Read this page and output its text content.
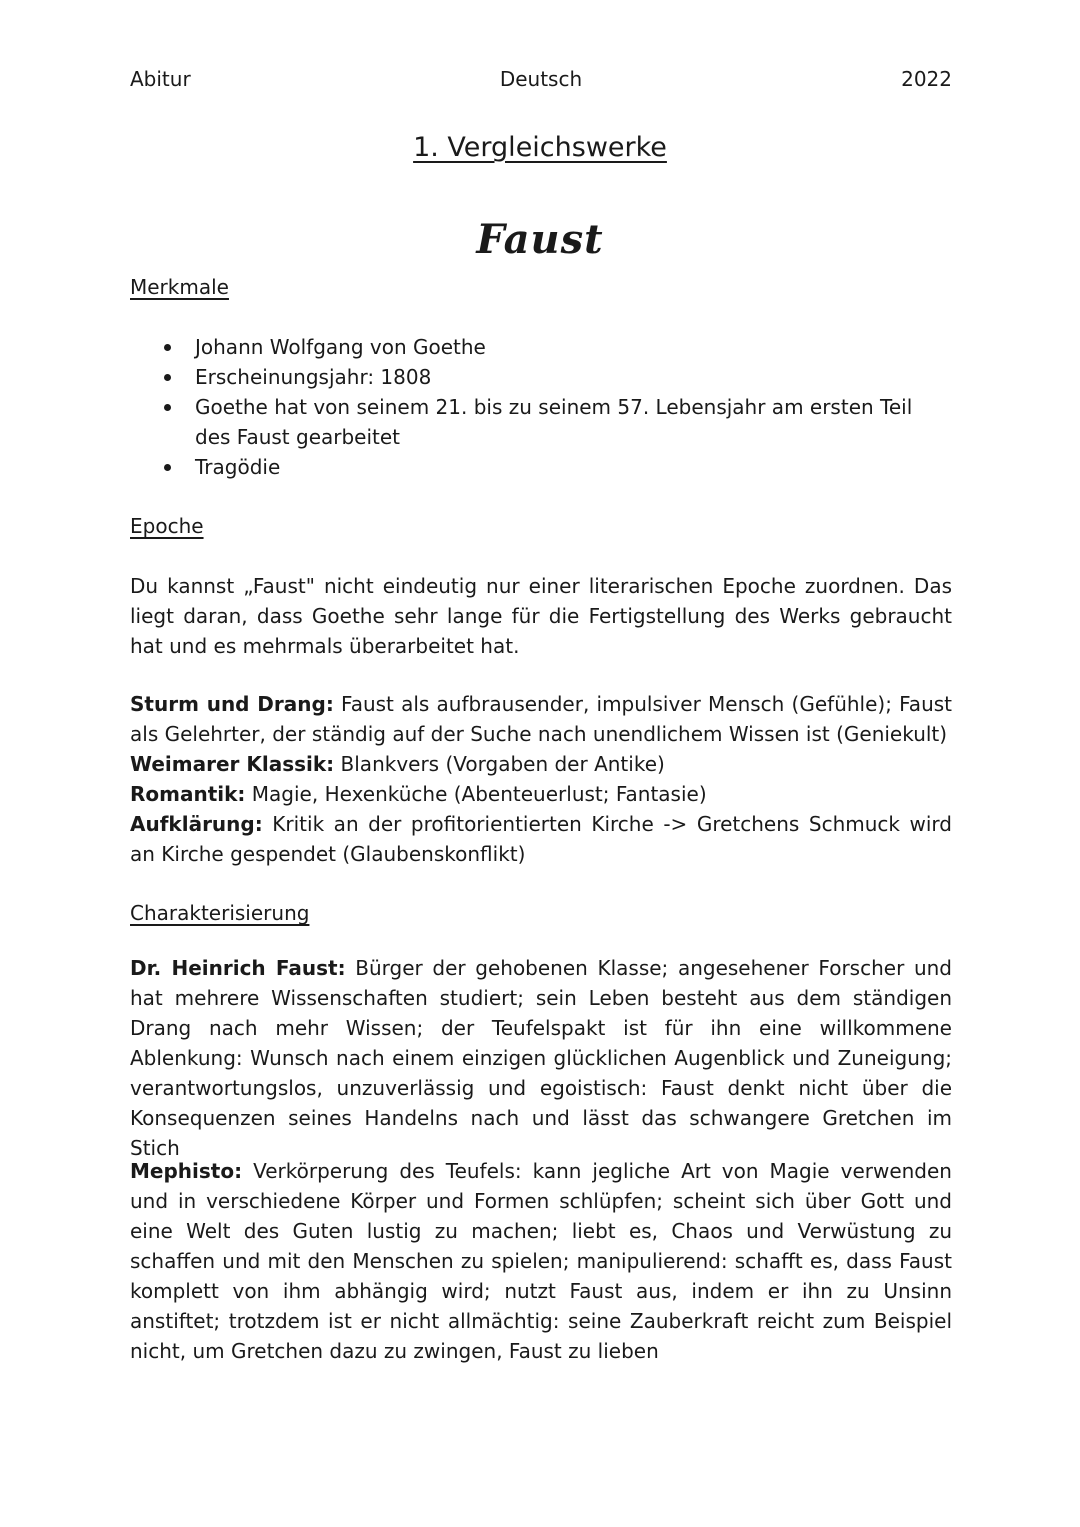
Abitur	Deutsch	2022
1. Vergleichswerke
Faust
Merkmale
Johann Wolfgang von Goethe
Erscheinungsjahr: 1808
Goethe hat von seinem 21. bis zu seinem 57. Lebensjahr am ersten Teil des Faust gearbeitet
Tragödie
Epoche
Du kannst „Faust" nicht eindeutig nur einer literarischen Epoche zuordnen. Das liegt daran, dass Goethe sehr lange für die Fertigstellung des Werks gebraucht hat und es mehrmals überarbeitet hat.

Sturm und Drang: Faust als aufbrausender, impulsiver Mensch (Gefühle); Faust als Gelehrter, der ständig auf der Suche nach unendlichem Wissen ist (Geniekult)

Weimarer Klassik: Blankvers (Vorgaben der Antike)

Romantik: Magie, Hexenküche (Abenteuerlust; Fantasie)

Aufklärung: Kritik an der profitorientierten Kirche -> Gretchens Schmuck wird an Kirche gespendet (Glaubenskonflikt)

Charakterisierung
Dr. Heinrich Faust: Bürger der gehobenen Klasse; angesehener Forscher und hat mehrere Wissenschaften studiert; sein Leben besteht aus dem ständigen Drang nach mehr Wissen; der Teufelspakt ist für ihn eine willkommene Ablenkung: Wunsch nach einem einzigen glücklichen Augenblick und Zuneigung; verantwortungslos, unzuverlässig und egoistisch: Faust denkt nicht über die Konsequenzen seines Handelns nach und lässt das schwangere Gretchen im Stich
Mephisto: Verkörperung des Teufels: kann jegliche Art von Magie verwenden und in verschiedene Körper und Formen schlüpfen; scheint sich über Gott und eine Welt des Guten lustig zu machen; liebt es, Chaos und Verwüstung zu schaffen und mit den Menschen zu spielen; manipulierend: schafft es, dass Faust komplett von ihm abhängig wird; nutzt Faust aus, indem er ihn zu Unsinn anstiftet; trotzdem ist er nicht allmächtig: seine Zauberkraft reicht zum Beispiel nicht, um Gretchen dazu zu zwingen, Faust zu lieben
